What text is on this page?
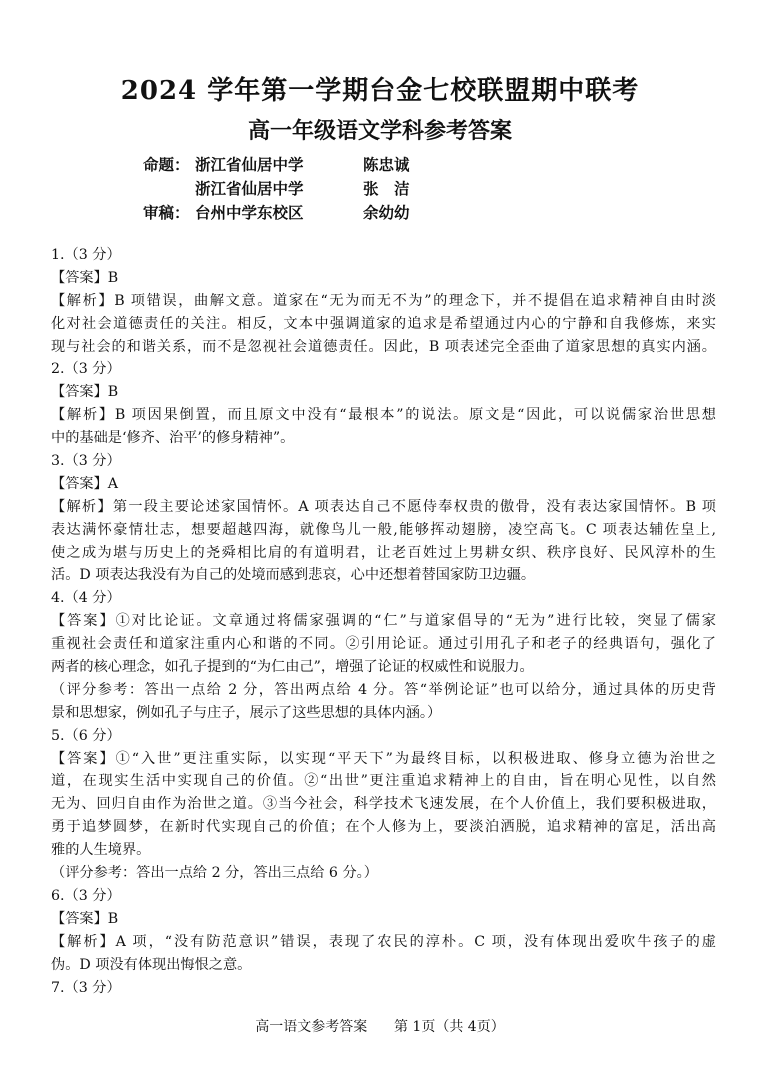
2024 学年第一学期台金七校联盟期中联考
高一年级语文学科参考答案
命题： 浙江省仙居中学	陈忠诚
浙江省仙居中学	张　洁
审稿： 台州中学东校区	余幼幼
1.（3 分）
【答案】B
【解析】B 项错误，曲解文意。道家在“无为而无不为”的理念下，并不提倡在追求精神自由时淡
化对社会道德责任的关注。相反，文本中强调道家的追求是希望通过内心的宁静和自我修炼，来实
现与社会的和谐关系，而不是忽视社会道德责任。因此，B 项表述完全歪曲了道家思想的真实内涵。
2.（3 分）
【答案】B
【解析】B 项因果倒置，而且原文中没有“最根本”的说法。原文是“因此，可以说儒家治世思想
中的基础是‘修齐、治平’的修身精神”。
3.（3 分）
【答案】A
【解析】第一段主要论述家国情怀。A 项表达自己不愿侍奉权贵的傲骨，没有表达家国情怀。B 项
表达满怀豪情壮志，想要超越四海，就像鸟儿一般,能够挥动翅膀，凌空高飞。C 项表达辅佐皇上,
使之成为堪与历史上的尧舜相比肩的有道明君，让老百姓过上男耕女织、秩序良好、民风淳朴的生
活。D 项表达我没有为自己的处境而感到悲哀，心中还想着替国家防卫边疆。
4.（4 分）
【答案】①对比论证。文章通过将儒家强调的“仁”与道家倡导的“无为”进行比较，突显了儒家
重视社会责任和道家注重内心和谐的不同。②引用论证。通过引用孔子和老子的经典语句，强化了
两者的核心理念，如孔子提到的“为仁由己”，增强了论证的权威性和说服力。
（评分参考：答出一点给 2 分，答出两点给 4 分。答“举例论证”也可以给分，通过具体的历史背
景和思想家，例如孔子与庄子，展示了这些思想的具体内涵。）
5.（6 分）
【答案】①“入世”更注重实际，以实现“平天下”为最终目标，以积极进取、修身立德为治世之
道，在现实生活中实现自己的价值。②“出世”更注重追求精神上的自由，旨在明心见性，以自然
无为、回归自由作为治世之道。③当今社会，科学技术飞速发展，在个人价值上，我们要积极进取，
勇于追梦圆梦，在新时代实现自己的价值；在个人修为上，要淡泊洒脱，追求精神的富足，活出高
雅的人生境界。
（评分参考：答出一点给 2 分，答出三点给 6 分。）
6.（3 分）
【答案】B
【解析】A 项，“没有防范意识”错误，表现了农民的淳朴。C 项，没有体现出爱吹牛孩子的虚
伪。D 项没有体现出悔恨之意。
7.（3 分）
高一语文参考答案 第 1页（共 4页）
